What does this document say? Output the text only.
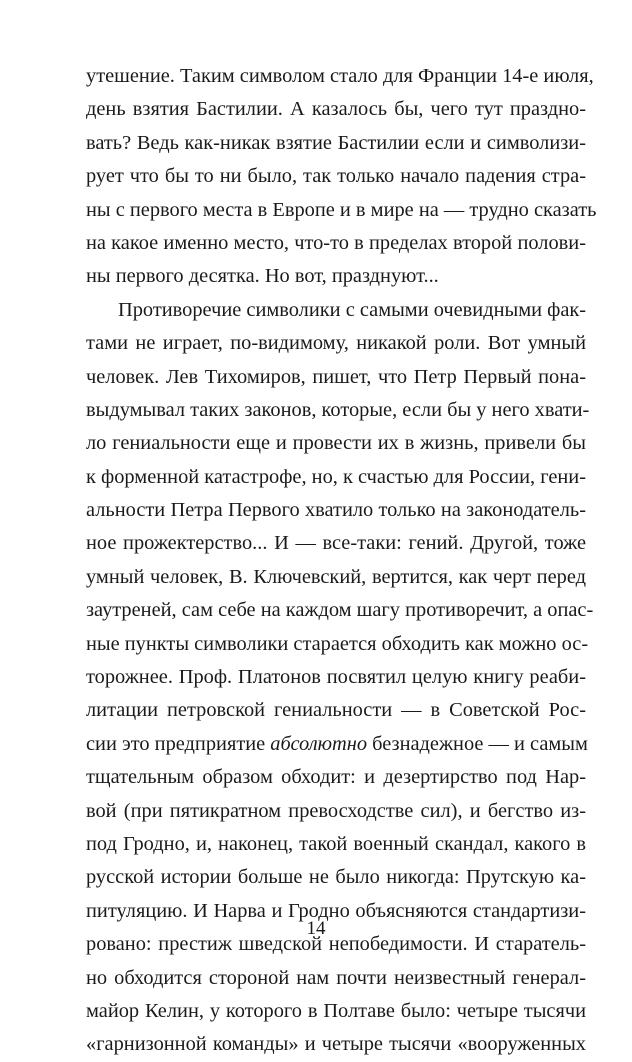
утешение. Таким символом стало для Франции 14-е июля,
день взятия Бастилии. А казалось бы, чего тут праздно-
вать? Ведь как-никак взятие Бастилии если и символизи-
рует что бы то ни было, так только начало падения стра-
ны с первого места в Европе и в мире на — трудно сказать
на какое именно место, что-то в пределах второй полови-
ны первого десятка. Но вот, празднуют...
Противоречие символики с самыми очевидными фак-
тами не играет, по-видимому, никакой роли. Вот умный
человек. Лев Тихомиров, пишет, что Петр Первый пона-
выдумывал таких законов, которые, если бы у него хвати-
ло гениальности еще и провести их в жизнь, привели бы
к форменной катастрофе, но, к счастью для России, гени-
альности Петра Первого хватило только на законодатель-
ное прожектерство... И — все-таки: гений. Другой, тоже
умный человек, В. Ключевский, вертится, как черт перед
заутреней, сам себе на каждом шагу противоречит, а опас-
ные пункты символики старается обходить как можно ос-
торожнее. Проф. Платонов посвятил целую книгу реаби-
литации петровской гениальности — в Советской Рос-
сии это предприятие абсолютно безнадежное — и самым
тщательным образом обходит: и дезертирство под Нар-
вой (при пятикратном превосходстве сил), и бегство из-
под Гродно, и, наконец, такой военный скандал, какого в
русской истории больше не было никогда: Прутскую ка-
питуляцию. И Нарва и Гродно объясняются стандартизи-
ровано: престиж шведской непобедимости. И старатель-
но обходится стороной нам почти неизвестный генерал-
майор Келин, у которого в Полтаве было: четыре тысячи
«гарнизонной команды» и четыре тысячи «вооруженных
14
